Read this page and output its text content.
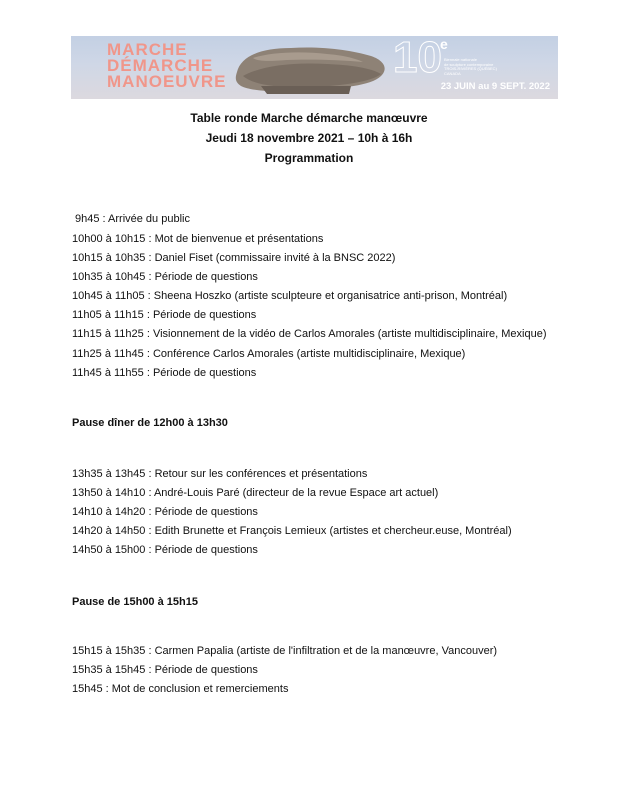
MARCHE
DÉMARCHE
MANOEUVRE	10
e
Biennale nationale
de sculpture contemporaine
TROIS-RIVIÈRES (QUÉBEC)
CANADA
23 JUIN au 9 SEPT. 2022
Table ronde Marche démarche manœuvre
Jeudi 18 novembre 2021 – 10h à 16h
Programmation
9h45 : Arrivée du public
10h00 à 10h15 : Mot de bienvenue et présentations
10h15 à 10h35 : Daniel Fiset (commissaire invité à la BNSC 2022)
10h35 à 10h45 : Période de questions
10h45 à 11h05 : Sheena Hoszko (artiste sculpteure et organisatrice anti-prison, Montréal)
11h05 à 11h15 : Période de questions
11h15 à 11h25 : Visionnement de la vidéo de Carlos Amorales (artiste multidisciplinaire, Mexique)
11h25 à 11h45 : Conférence Carlos Amorales (artiste multidisciplinaire, Mexique)
11h45 à 11h55 : Période de questions
Pause dîner de 12h00 à 13h30
13h35 à 13h45 : Retour sur les conférences et présentations
13h50 à 14h10 : André-Louis Paré (directeur de la revue Espace art actuel)
14h10 à 14h20 : Période de questions
14h20 à 14h50 : Edith Brunette et François Lemieux (artistes et chercheur.euse, Montréal)
14h50 à 15h00 : Période de questions
Pause de 15h00 à 15h15
15h15 à 15h35 : Carmen Papalia (artiste de l'infiltration et de la manœuvre, Vancouver)
15h35 à 15h45 : Période de questions
15h45 : Mot de conclusion et remerciements
